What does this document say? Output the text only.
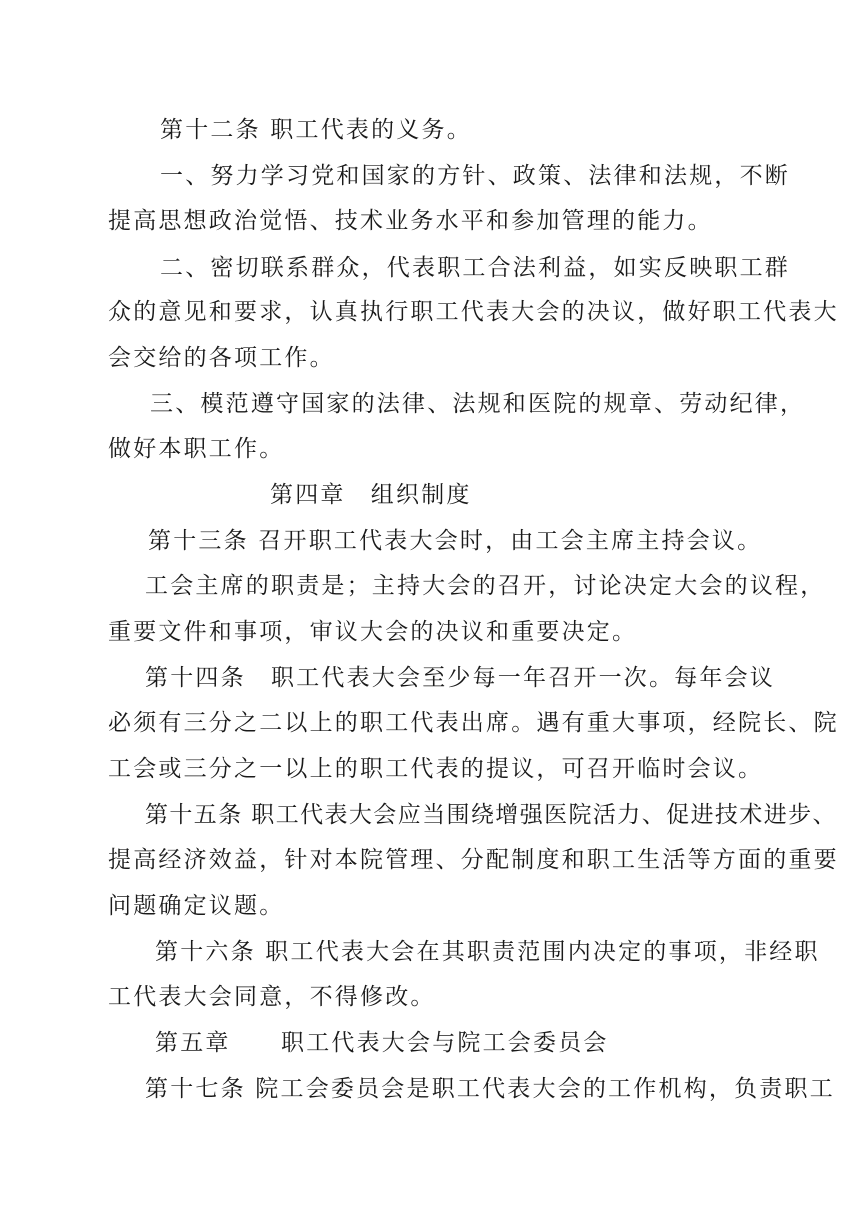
第十二条 职工代表的义务。
一、努力学习党和国家的方针、政策、法律和法规，不断
提高思想政治觉悟、技术业务水平和参加管理的能力。
二、密切联系群众，代表职工合法利益，如实反映职工群
众的意见和要求，认真执行职工代表大会的决议，做好职工代表大
会交给的各项工作。
三、模范遵守国家的法律、法规和医院的规章、劳动纪律，
做好本职工作。
第四章　组织制度
第十三条 召开职工代表大会时，由工会主席主持会议。
工会主席的职责是；主持大会的召开，讨论决定大会的议程，
重要文件和事项，审议大会的决议和重要决定。
第十四条　职工代表大会至少每一年召开一次。每年会议
必须有三分之二以上的职工代表出席。遇有重大事项，经院长、院
工会或三分之一以上的职工代表的提议，可召开临时会议。
第十五条 职工代表大会应当围绕增强医院活力、促进技术进步、
提高经济效益，针对本院管理、分配制度和职工生活等方面的重要
问题确定议题。
第十六条 职工代表大会在其职责范围内决定的事项，非经职
工代表大会同意，不得修改。
第五章　　职工代表大会与院工会委员会
第十七条 院工会委员会是职工代表大会的工作机构，负责职工
